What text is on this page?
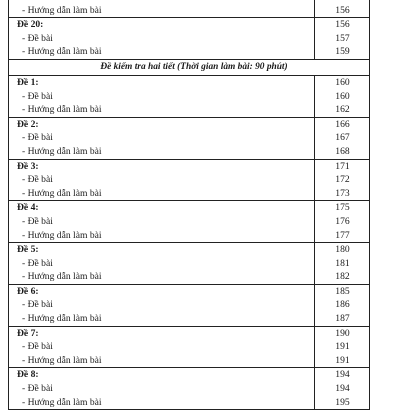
- Hướng dẫn làm bài	156
Đề 20:	156
- Đề bài	157
- Hướng dẫn làm bài	159
Đề kiểm tra hai tiết (Thời gian làm bài: 90 phút)
Đề 1:	160
- Đề bài	160
- Hướng dẫn làm bài	162
Đề 2:	166
- Đề bài	167
- Hướng dẫn làm bài	168
Đề 3:	171
- Đề bài	172
- Hướng dẫn làm bài	173
Đề 4:	175
- Đề bài	176
- Hướng dẫn làm bài	177
Đề 5:	180
- Đề bài	181
- Hướng dẫn làm bài	182
Đề 6:	185
- Đề bài	186
- Hướng dẫn làm bài	187
Đề 7:	190
- Đề bài	191
- Hướng dẫn làm bài	191
Đề 8:	194
- Đề bài	194
- Hướng dẫn làm bài	195
